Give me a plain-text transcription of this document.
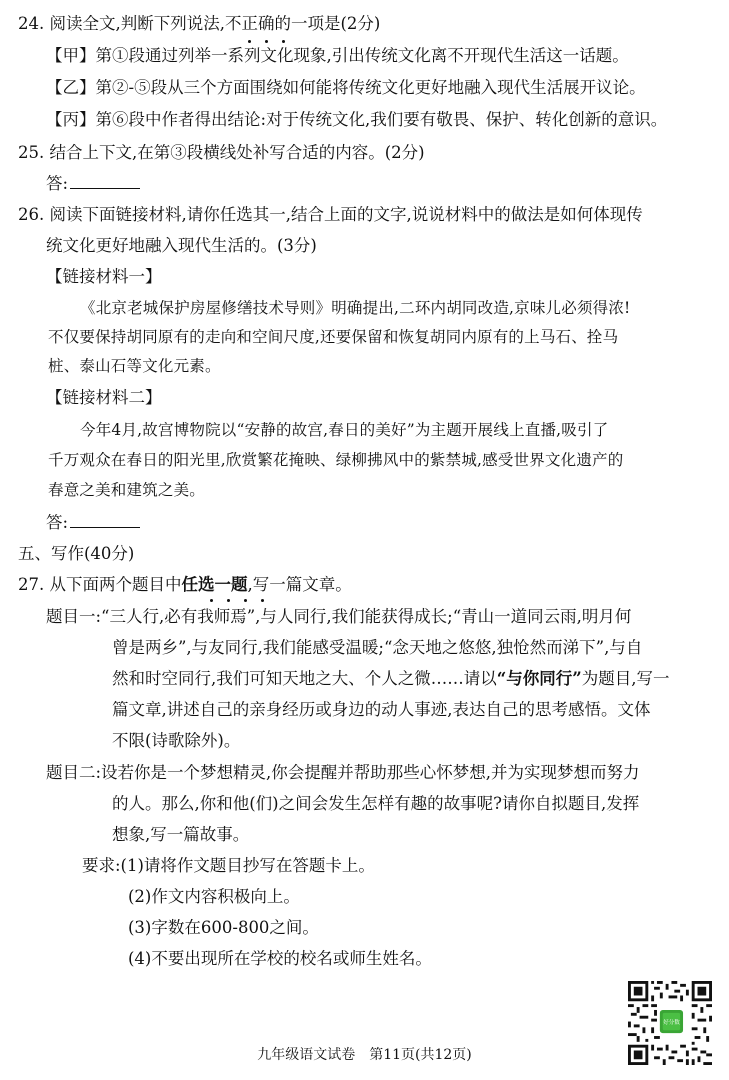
24. 阅读全文,判断下列说法,不正确的一项是(2分)
【甲】第①段通过列举一系列文化现象,引出传统文化离不开现代生活这一话题。
【乙】第②-⑤段从三个方面围绕如何能将传统文化更好地融入现代生活展开议论。
【丙】第⑥段中作者得出结论:对于传统文化,我们要有敬畏、保护、转化创新的意识。
25. 结合上下文,在第③段横线处补写合适的内容。(2分)
答:
26. 阅读下面链接材料,请你任选其一,结合上面的文字,说说材料中的做法是如何体现传
统文化更好地融入现代生活的。(3分)
【链接材料一】
《北京老城保护房屋修缮技术导则》明确提出,二环内胡同改造,京味儿必须得浓!
不仅要保持胡同原有的走向和空间尺度,还要保留和恢复胡同内原有的上马石、拴马
桩、泰山石等文化元素。
【链接材料二】
今年4月,故宫博物院以“安静的故宫,春日的美好”为主题开展线上直播,吸引了
千万观众在春日的阳光里,欣赏繁花掩映、绿柳拂风中的紫禁城,感受世界文化遗产的
春意之美和建筑之美。
答:
五、写作(40分)
27. 从下面两个题目中任选一题,写一篇文章。
题目一:“三人行,必有我师焉”,与人同行,我们能获得成长;“青山一道同云雨,明月何
曾是两乡”,与友同行,我们能感受温暖;“念天地之悠悠,独怆然而涕下”,与自
然和时空同行,我们可知天地之大、个人之微……请以“与你同行”为题目,写一
篇文章,讲述自己的亲身经历或身边的动人事迹,表达自己的思考感悟。文体
不限(诗歌除外)。
题目二:设若你是一个梦想精灵,你会提醒并帮助那些心怀梦想,并为实现梦想而努力
的人。那么,你和他(们)之间会发生怎样有趣的故事呢?请你自拟题目,发挥
想象,写一篇故事。
要求:(1)请将作文题目抄写在答题卡上。
(2)作文内容积极向上。
(3)字数在600-800之间。
(4)不要出现所在学校的校名或师生姓名。
好分数
九年级语文试卷　第11页(共12页)
